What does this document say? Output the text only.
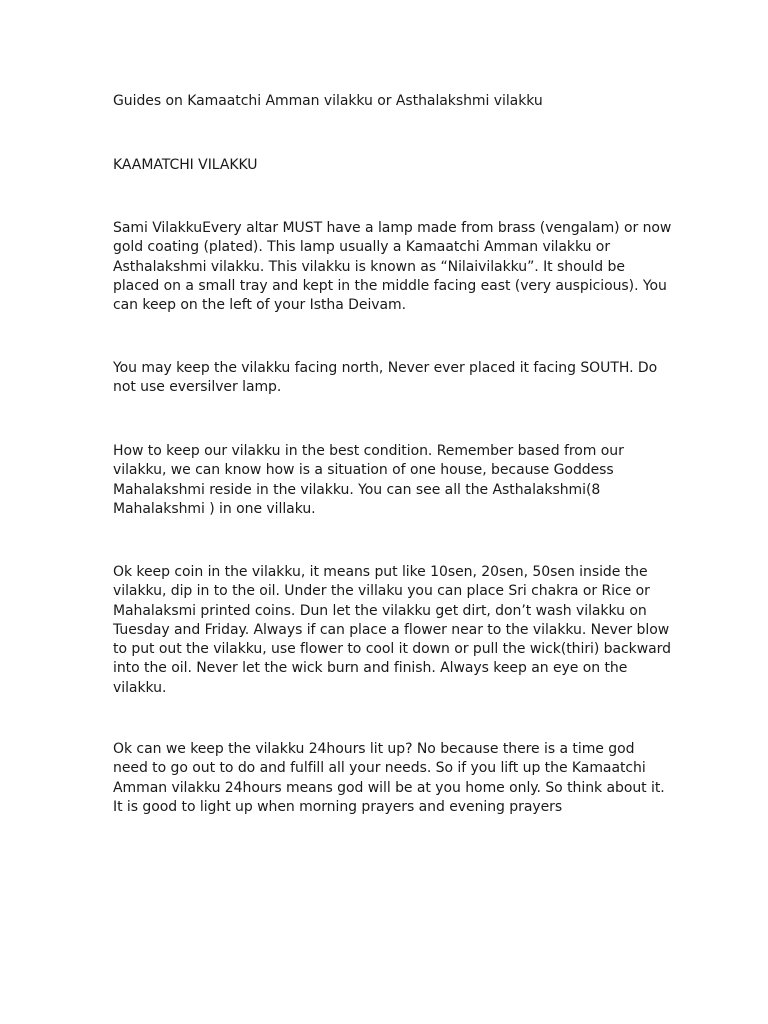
Guides on Kamaatchi Amman vilakku or Asthalakshmi vilakku

KAAMATCHI VILAKKU

Sami VilakkuEvery altar MUST have a lamp made from brass (vengalam) or now gold coating (plated). This lamp usually a Kamaatchi Amman vilakku or Asthalakshmi vilakku. This vilakku is known as “Nilaivilakku”. It should be placed on a small tray and kept in the middle facing east (very auspicious). You can keep on the left of your Istha Deivam.

You may keep the vilakku facing north, Never ever placed it facing SOUTH. Do not use eversilver lamp.

How to keep our vilakku in the best condition. Remember based from our vilakku, we can know how is a situation of one house, because Goddess Mahalakshmi reside in the vilakku. You can see all the Asthalakshmi(8 Mahalakshmi ) in one villaku.

Ok keep coin in the vilakku, it means put like 10sen, 20sen, 50sen inside the vilakku, dip in to the oil. Under the villaku you can place Sri chakra or Rice or Mahalaksmi printed coins. Dun let the vilakku get dirt, don’t wash vilakku on Tuesday and Friday. Always if can place a flower near to the vilakku. Never blow to put out the vilakku, use flower to cool it down or pull the wick(thiri) backward into the oil. Never let the wick burn and finish. Always keep an eye on the vilakku.

Ok can we keep the vilakku 24hours lit up? No because there is a time god need to go out to do and fulfill all your needs. So if you lift up the Kamaatchi Amman vilakku 24hours means god will be at you home only. So think about it. It is good to light up when morning prayers and evening prayers
